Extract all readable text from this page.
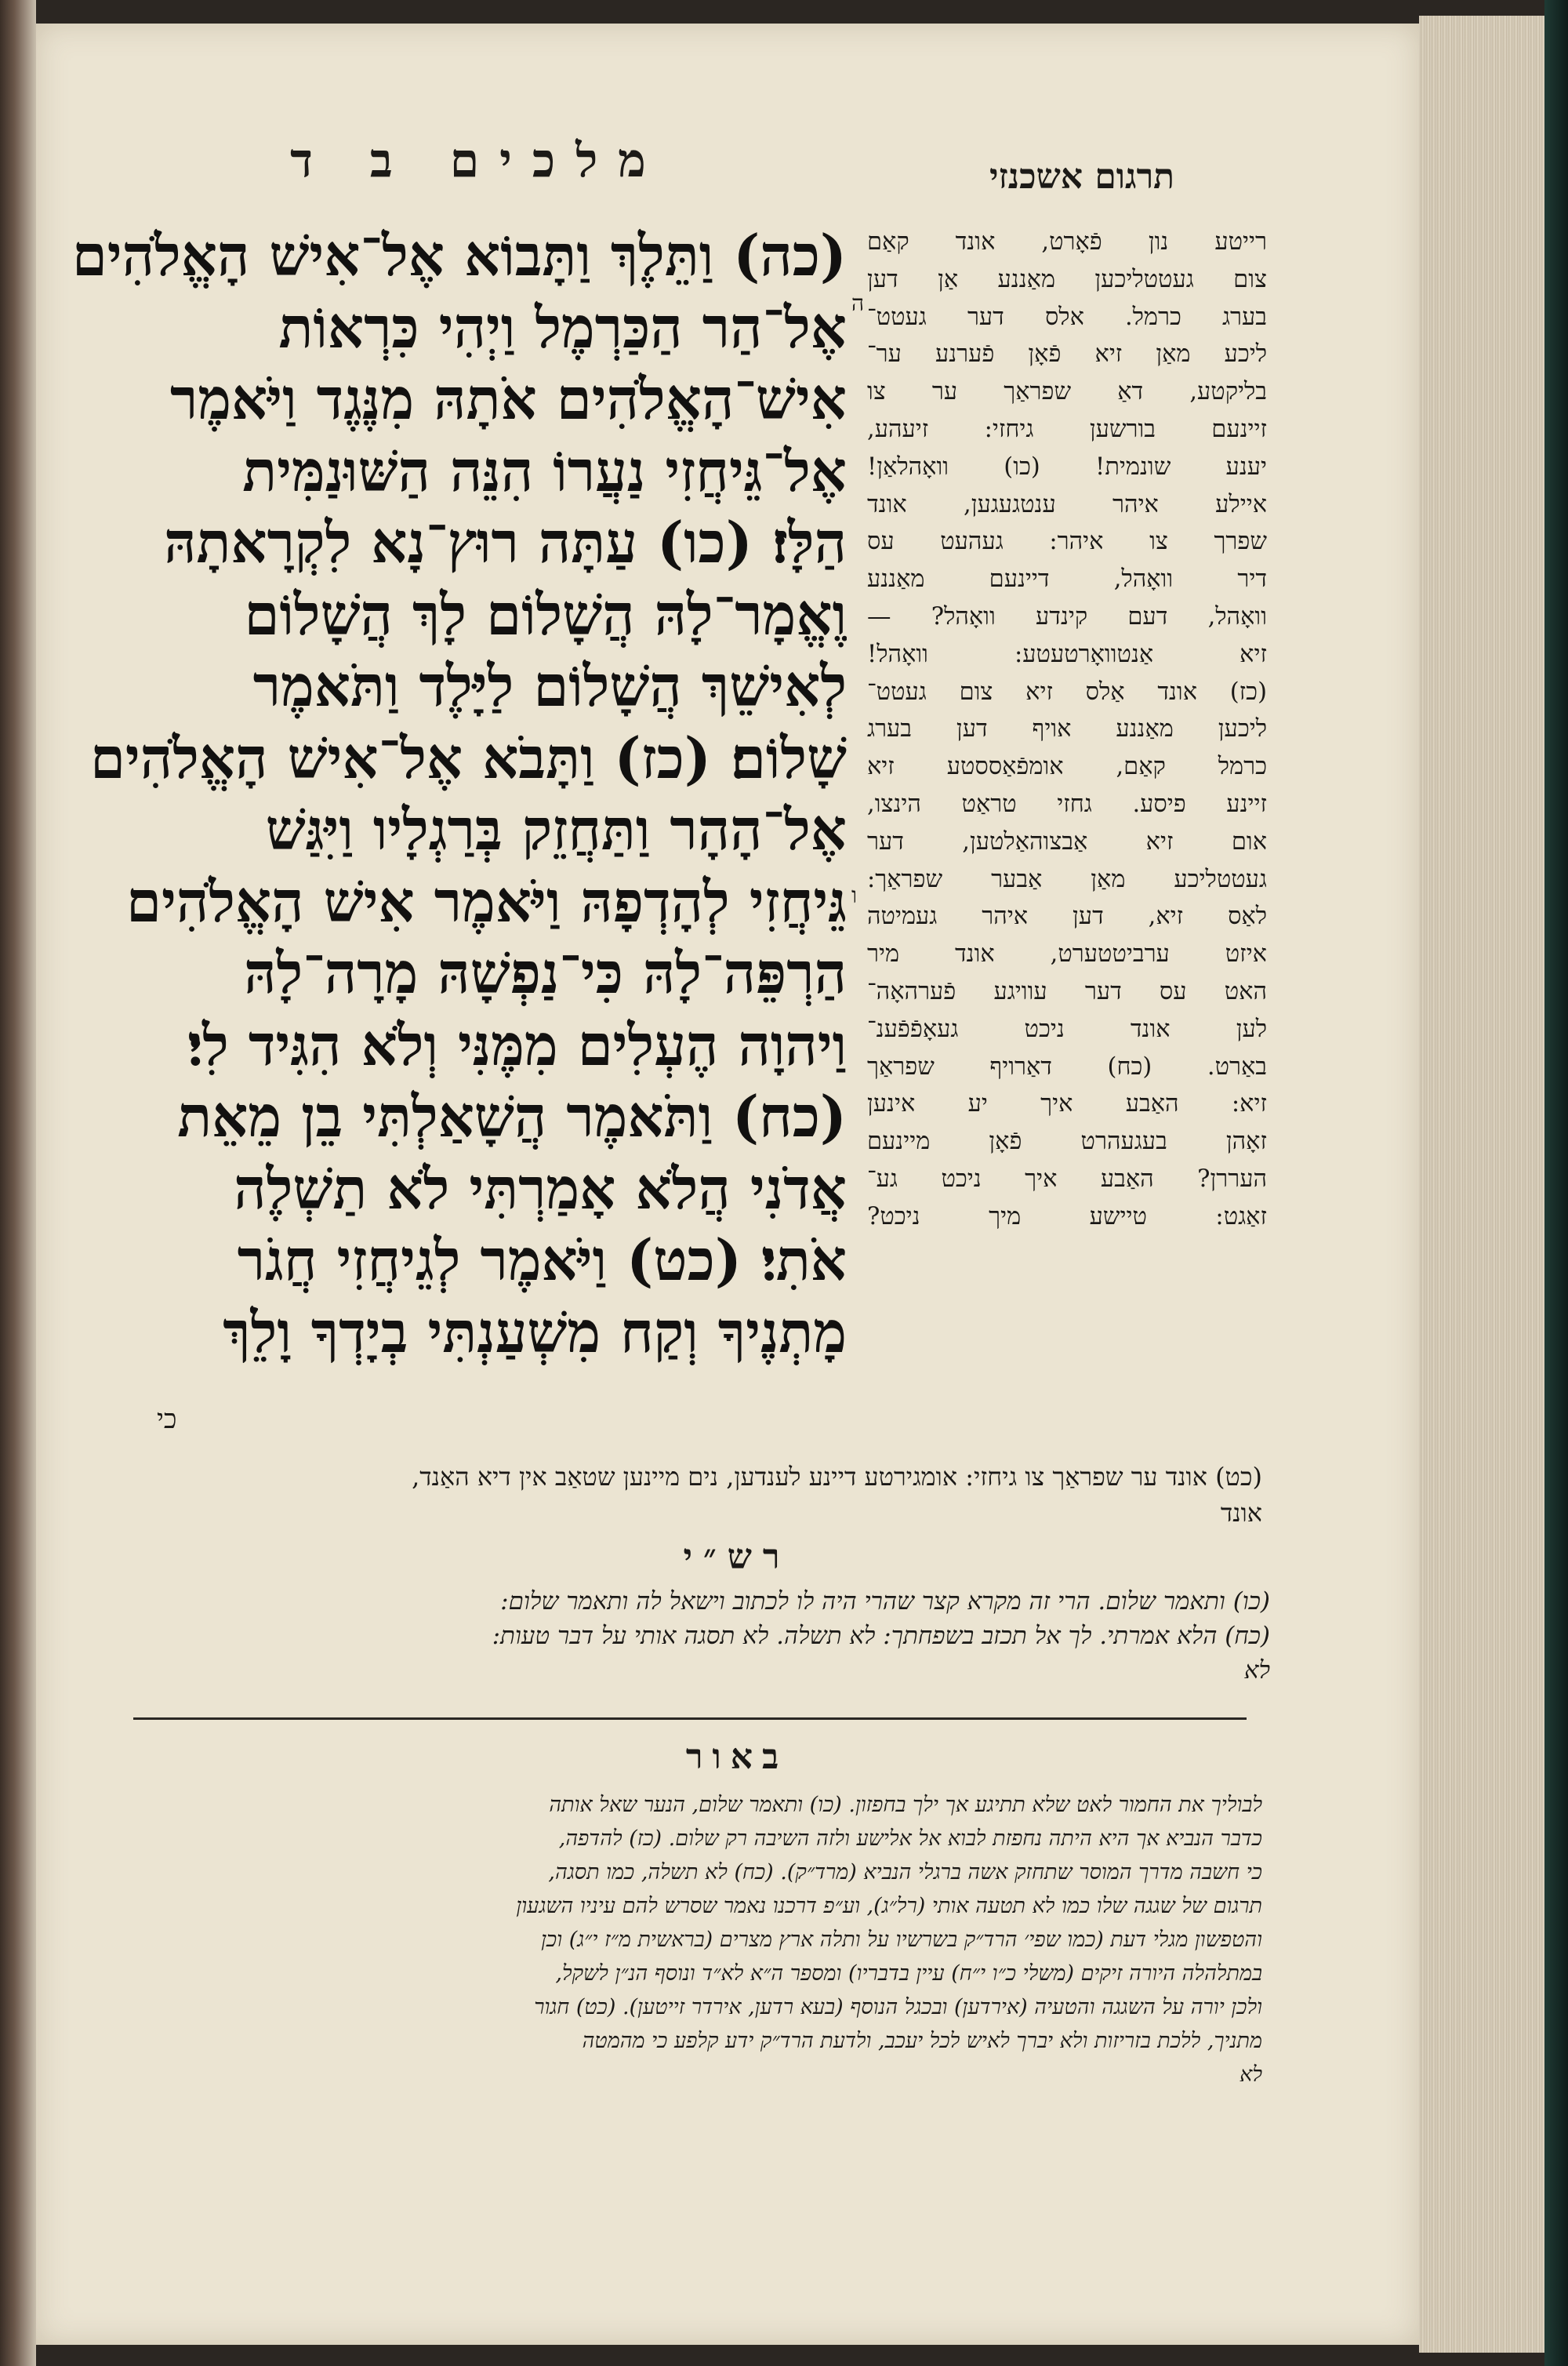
מלכים ב ד	תרגום אשכנזי

(כה) וַתֵּלֶךְ וַתָּבוֹא אֶל־אִישׁ הָאֱלֹהִים

אֶל־הַר הַכַּרְמֶל וַיְהִי כִּרְאוֹת

אִישׁ־הָאֱלֹהִים אֹתָהּ מִנֶּגֶד וַיֹּאמֶר

אֶל־גֵּיחֲזִי נַעֲרוֹ הִנֵּה הַשּׁוּנַמִּית

הַלָּז׃ (כו) עַתָּה רוּץ־נָא לִקְרָאתָהּ

וֶאֱמָר־לָהּ הֲשָׁלוֹם לָךְ הֲשָׁלוֹם

לְאִישֵׁךְ הֲשָׁלוֹם לַיָּלֶד וַתֹּאמֶר

שָׁלוֹם׃ (כז) וַתָּבֹא אֶל־אִישׁ הָאֱלֹהִים

אֶל־הָהָר וַתַּחֲזֵק בְּרַגְלָיו וַיִּגַּשׁ

גֵּיחֲזִי לְהָדְפָהּ וַיֹּאמֶר אִישׁ הָאֱלֹהִים

הַרְפֵּה־לָהּ כִּי־נַפְשָׁהּ מָרָה־לָהּ

וַיהוָה הֶעְלִים מִמֶּנִּי וְלֹא הִגִּיד לִי׃

(כח) וַתֹּאמֶר הֲשָׁאַלְתִּי בֵן מֵאֵת

אֲדֹנִי הֲלֹא אָמַרְתִּי לֹא תַשְׁלֶה

אֹתִי׃ (כט) וַיֹּאמֶר לְגֵיחֲזִי חֲגֹר

מָתְנֶיךָ וְקַח מִשְׁעַנְתִּי בְיָדְךָ וָלֵךְ

כי
ה
ו

רייטע נון פֿאָרט, אונד קאַם

צום געטטליכען מאַננע אַן דען

בערג כרמל. אלס דער געטט־

ליכע מאַן זיא פֿאָן פֿערנע ער־

בליקטע, דאַ שפראַך ער צו

זיינעם בורשען גיחזי: זיעהע,

יענע שונמית! (כו) וואָהלאַן!

איילע איהר ענטגעגען, אונד

שפרך צו איהר: געהעט עס

דיר וואָהל, דיינעם מאַננע

וואָהל, דעם קינדע וואָהל? —

זיא אַנטוואָרטעטע: וואָהל!

(כז) אונד אַלס זיא צום געטט־

ליכען מאַננע אויף דען בערג

כרמל קאַם, אומפֿאַססטע זיא

זיינע פיסע. גחזי טראַט הינצו,

אום זיא אַבצוהאַלטען, דער

געטטליכע מאַן אַבער שפראַך:

לאַס זיא, דען איהר געמיטה

איזט ערביטטערט, אונד מיר

האט עס דער עוויגע פֿערהאָה־

לען אונד ניכט געאָפֿפֿענ־

באַרט. (כח) דאַרויף שפראַך

זיא: האַבע איך יע אינען

זאָהן בעגעהרט פֿאָן מיינעם

העררן? האַבע איך ניכט גע־

זאַגט: טיישע מיך ניכט?

(כט) אונד ער שפראַך צו גיחזי: אומגירטע דיינע לענדען, נים מיינען שטאַב אין דיא האַנד,

אונד

רש״י

(כו) ותאמר שלום. הרי זה מקרא קצר שהרי היה לו לכתוב וישאל לה ותאמר שלום:

(כח) הלא אמרתי. לך אל תכזב בשפחתך: לא תשלה. לא תסגה אותי על דבר טעות:

לא

באור

לבוליך את החמור לאט שלא תתיגע אך ילך בחפזון. (כו) ותאמר שלום, הנער שאל אותה

כדבר הנביא אך היא היתה נחפזת לבוא אל אלישע ולזה השיבה רק שלום. (כז) להדפה,

כי חשבה מדרך המוסר שתחזק אשה ברגלי הנביא (מרד״ק). (כח) לא תשלה, כמו תסגה,

תרגום של שגגה שלו כמו לא תטעה אותי (רל״ג), וע״פ דרכנו נאמר שסרש להם עיניו השגעון

והטפשון מגלי דעת (כמו שפי׳ הרד״ק בשרשיו על ותלה ארץ מצרים (בראשית מ״ז י״ג) וכן

במתלהלה היורה זיקים (משלי כ״ו י״ח) עיין בדבריו) ומספר ה״א לא״ד ונוסף הנ״ן לשקל,

ולכן יורה על השגגה והטעיה (אירדען) ובכגל הנוסף (בעא רדען, אירדר זייטען). (כט) חגור

מתניך, ללכת בזריזות ולא יברך לאיש לכל יעכב, ולדעת הרד״ק ידע קלפע כי מהמטה

לא
